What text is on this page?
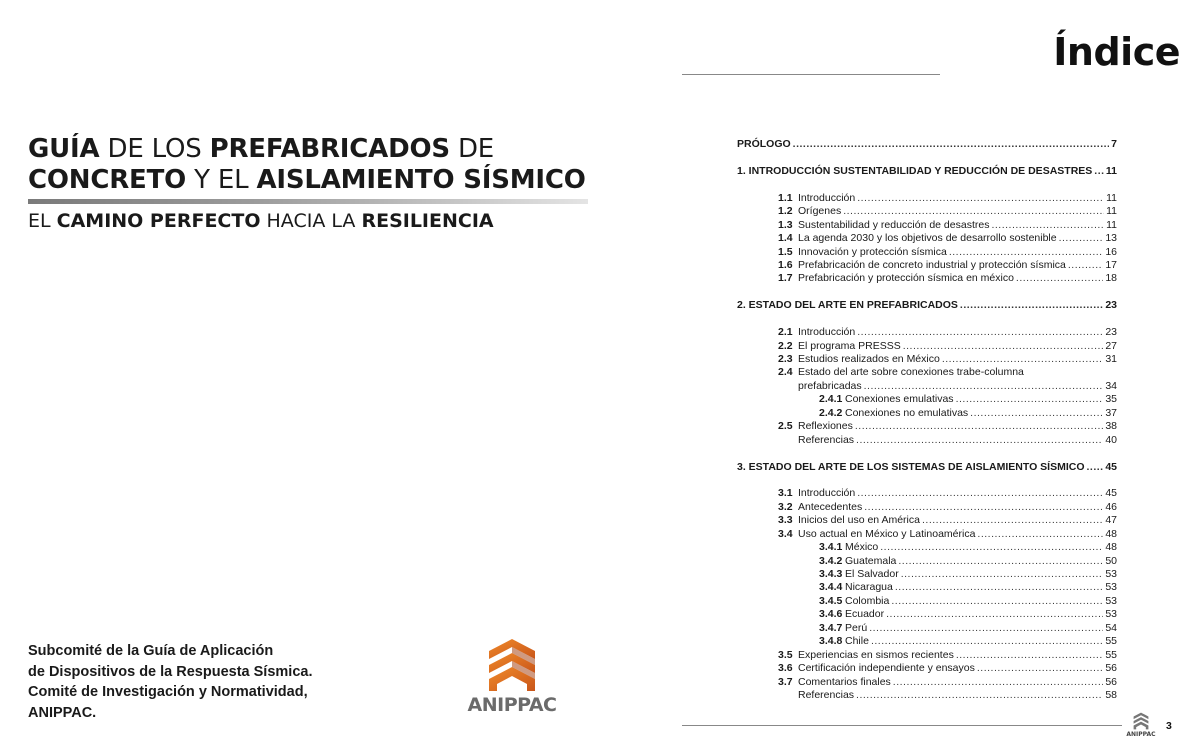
GUÍA DE LOS PREFABRICADOS DE
CONCRETO Y EL AISLAMIENTO SÍSMICO
EL CAMINO PERFECTO HACIA LA RESILIENCIA
Subcomité de la Guía de Aplicación
de Dispositivos de la Respuesta Sísmica.
Comité de Investigación y Normatividad,
ANIPPAC.	ANIPPAC
Índice
PRÓLOGO .....	7
1. INTRODUCCIÓN SUSTENTABILIDAD Y REDUCCIÓN DE DESASTRES ..... 11
1.1 Introducción .....	11
1.2 Orígenes .....	11
1.3 Sustentabilidad y reducción de desastres .....	11
1.4 La agenda 2030 y los objetivos de desarrollo sostenible .....	13
1.5 Innovación y protección sísmica .....	16
1.6 Prefabricación de concreto industrial y protección sísmica .....	17
1.7 Prefabricación y protección sísmica en méxico .....	18
2. ESTADO DEL ARTE EN PREFABRICADOS .....	23
2.1 Introducción .....	23
2.2 El programa PRESSS .....	27
2.3 Estudios realizados en México .....	31
2.4 Estado del arte sobre conexiones trabe-columna
prefabricadas .....	34
2.4.1 Conexiones emulativas .....	35
2.4.2 Conexiones no emulativas .....	37
2.5 Reflexiones .....	38
Referencias .....	40
3. ESTADO DEL ARTE DE LOS SISTEMAS DE AISLAMIENTO SÍSMICO ..... 45
3.1 Introducción .....	45
3.2 Antecedentes .....	46
3.3 Inicios del uso en América .....	47
3.4 Uso actual en México y Latinoamérica .....	48
3.4.1 México .....	48
3.4.2 Guatemala .....	50
3.4.3 El Salvador .....	53
3.4.4 Nicaragua .....	53
3.4.5 Colombia .....	53
3.4.6 Ecuador .....	53
3.4.7 Perú .....	54
3.4.8 Chile .....	55
3.5 Experiencias en sismos recientes .....	55
3.6 Certificación independiente y ensayos .....	56
3.7 Comentarios finales .....	56
Referencias .....	58
ANIPPAC
3
